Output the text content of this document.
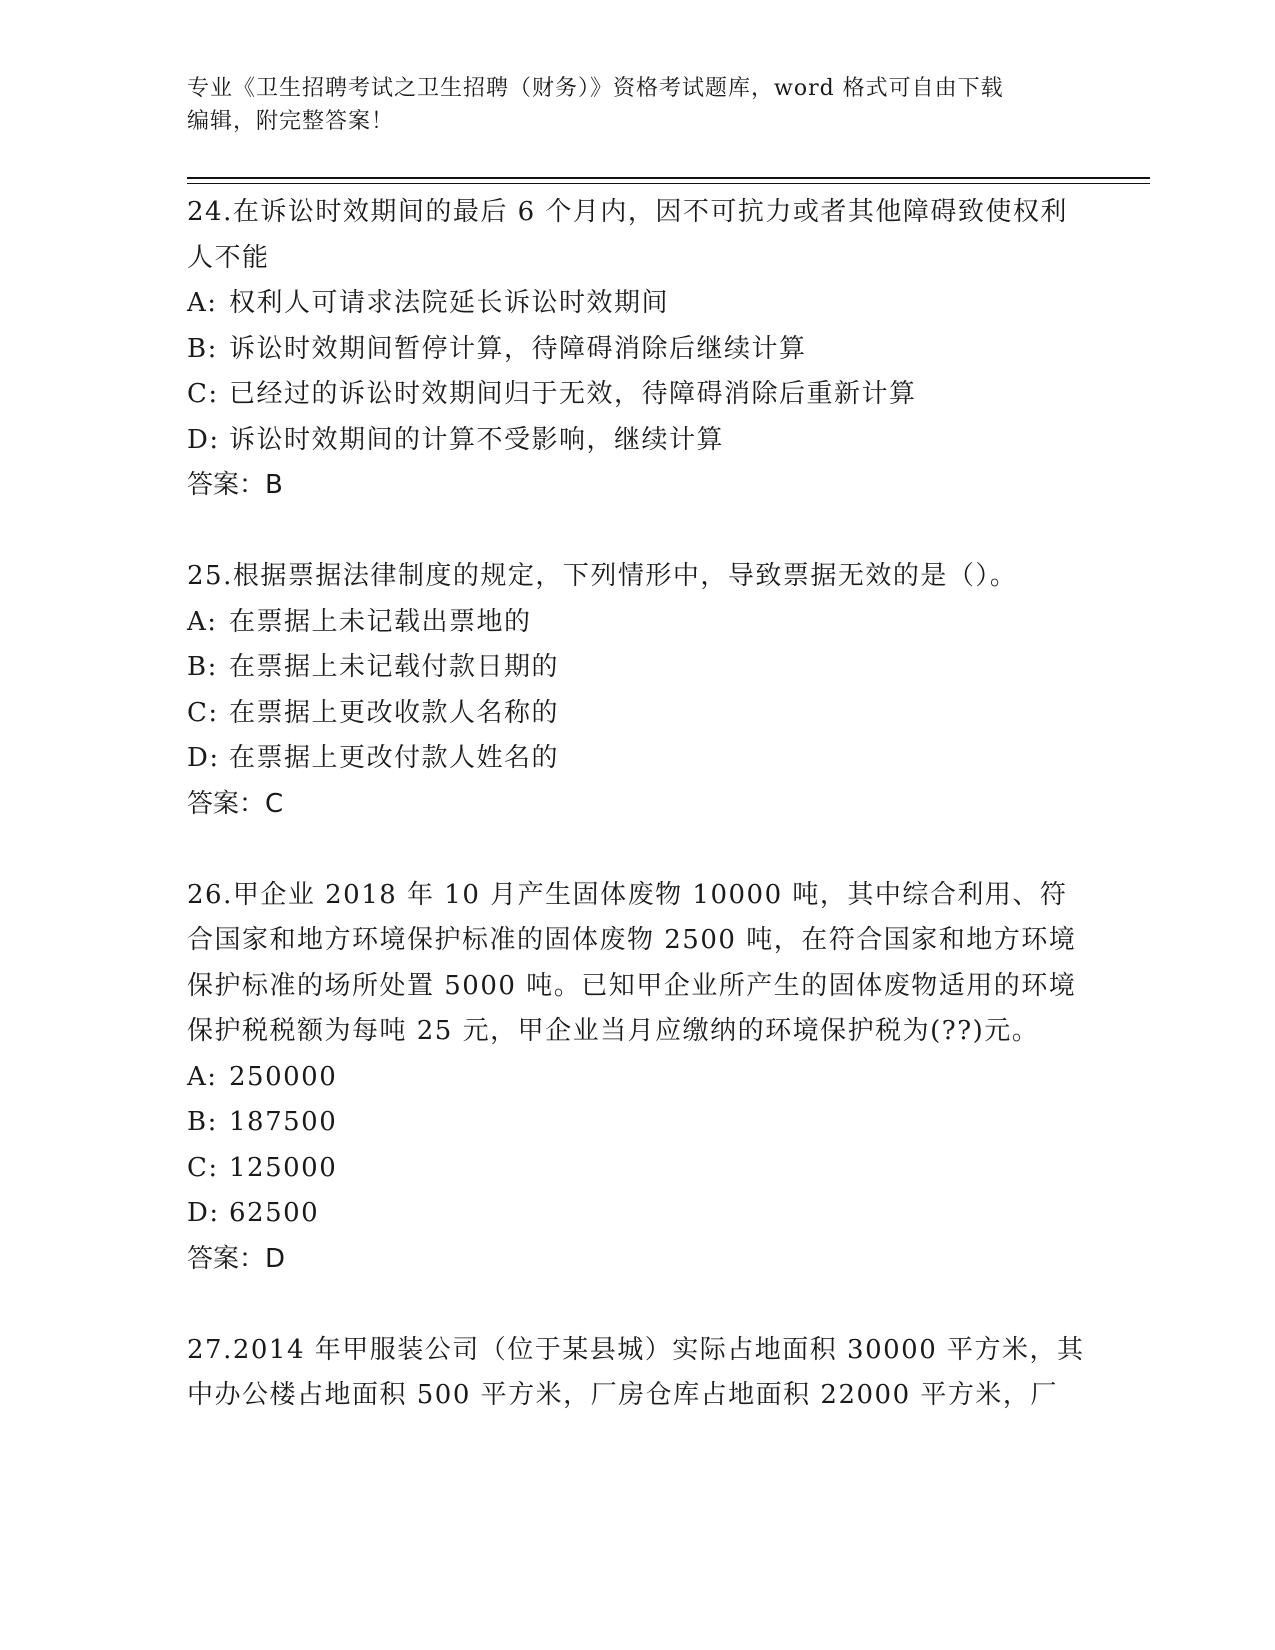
专业《卫生招聘考试之卫生招聘（财务）》资格考试题库，word 格式可自由下载
编辑，附完整答案！

24.在诉讼时效期间的最后 6 个月内，因不可抗力或者其他障碍致使权利人不能

A: 权利人可请求法院延长诉讼时效期间

B: 诉讼时效期间暂停计算，待障碍消除后继续计算

C: 已经过的诉讼时效期间归于无效，待障碍消除后重新计算

D: 诉讼时效期间的计算不受影响，继续计算

答案：B

25.根据票据法律制度的规定，下列情形中，导致票据无效的是（）。

A: 在票据上未记载出票地的

B: 在票据上未记载付款日期的

C: 在票据上更改收款人名称的

D: 在票据上更改付款人姓名的

答案：C

26.甲企业 2018 年 10 月产生固体废物 10000 吨，其中综合利用、符合国家和地方环境保护标准的固体废物 2500 吨，在符合国家和地方环境保护标准的场所处置 5000 吨。已知甲企业所产生的固体废物适用的环境保护税税额为每吨 25 元，甲企业当月应缴纳的环境保护税为(??)元。

A: 250000

B: 187500

C: 125000

D: 62500

答案：D

27.2014 年甲服装公司（位于某县城）实际占地面积 30000 平方米，其中办公楼占地面积 500 平方米，厂房仓库占地面积 22000 平方米，厂
